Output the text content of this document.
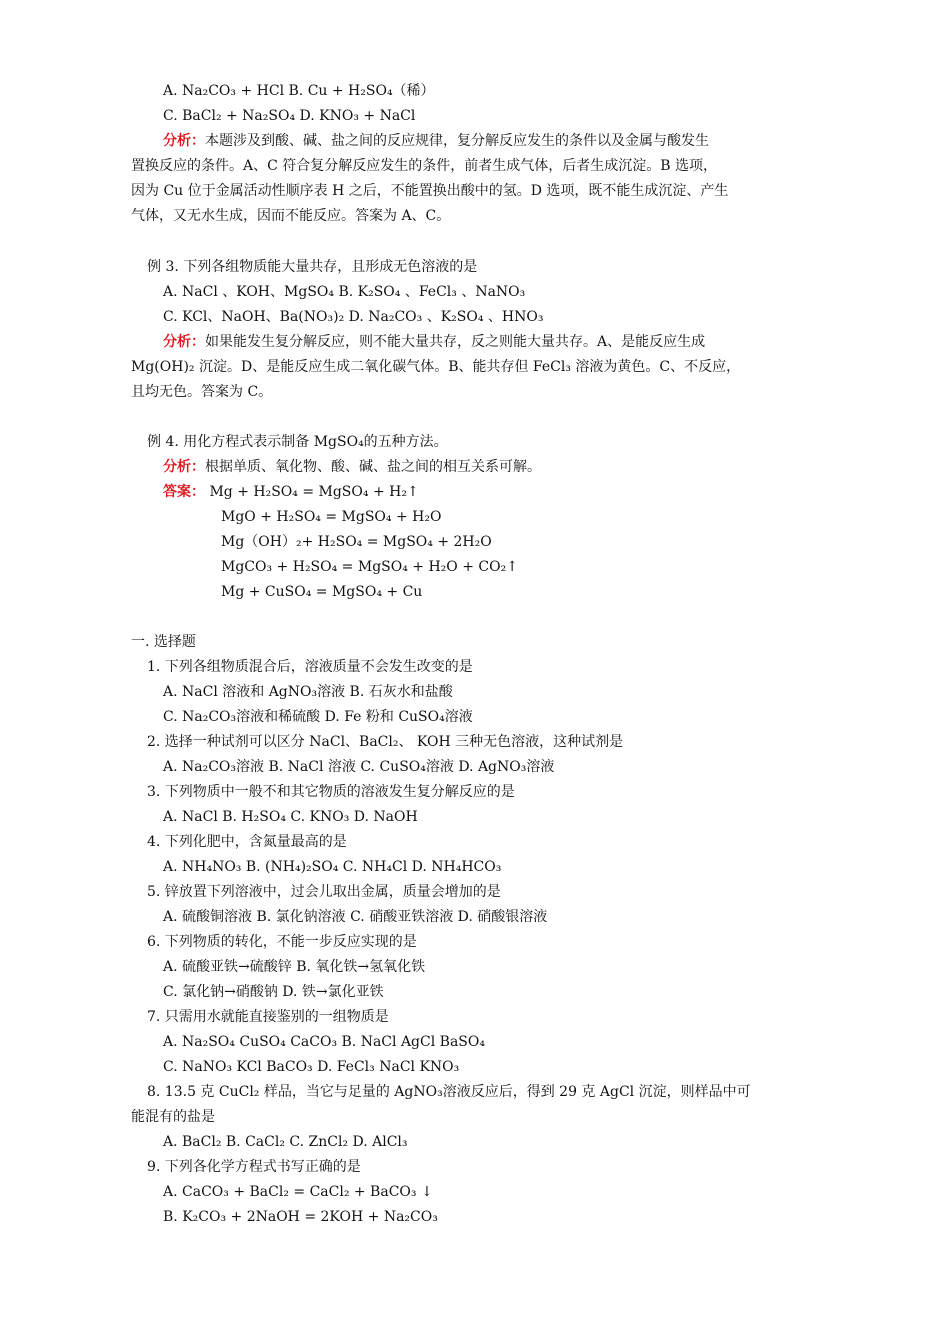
A. Na₂CO₃ + HCl B. Cu + H₂SO₄（稀）
C. BaCl₂ + Na₂SO₄ D. KNO₃ + NaCl
分析：本题涉及到酸、碱、盐之间的反应规律，复分解反应发生的条件以及金属与酸发生
置换反应的条件。A、C 符合复分解反应发生的条件，前者生成气体，后者生成沉淀。B 选项，
因为 Cu 位于金属活动性顺序表 H 之后，不能置换出酸中的氢。D 选项，既不能生成沉淀、产生
气体，又无水生成，因而不能反应。答案为 A、C。
例 3. 下列各组物质能大量共存，且形成无色溶液的是
A. NaCl 、KOH、MgSO₄ B. K₂SO₄ 、FeCl₃ 、NaNO₃
C. KCl、NaOH、Ba(NO₃)₂ D. Na₂CO₃ 、K₂SO₄ 、HNO₃
分析：如果能发生复分解反应，则不能大量共存，反之则能大量共存。A、是能反应生成
Mg(OH)₂ 沉淀。D、是能反应生成二氧化碳气体。B、能共存但 FeCl₃ 溶液为黄色。C、不反应，
且均无色。答案为 C。
例 4. 用化方程式表示制备 MgSO₄的五种方法。
分析：根据单质、氧化物、酸、碱、盐之间的相互关系可解。
答案： Mg + H₂SO₄ = MgSO₄ + H₂↑
MgO + H₂SO₄ = MgSO₄ + H₂O
Mg（OH）₂+ H₂SO₄ = MgSO₄ + 2H₂O
MgCO₃ + H₂SO₄ = MgSO₄ + H₂O + CO₂↑
Mg + CuSO₄ = MgSO₄ + Cu
一. 选择题
1. 下列各组物质混合后，溶液质量不会发生改变的是
A. NaCl 溶液和 AgNO₃溶液 B. 石灰水和盐酸
C. Na₂CO₃溶液和稀硫酸 D. Fe 粉和 CuSO₄溶液
2. 选择一种试剂可以区分 NaCl、BaCl₂、 KOH 三种无色溶液，这种试剂是
A. Na₂CO₃溶液 B. NaCl 溶液 C. CuSO₄溶液 D. AgNO₃溶液
3. 下列物质中一般不和其它物质的溶液发生复分解反应的是
A. NaCl B. H₂SO₄ C. KNO₃ D. NaOH
4. 下列化肥中，含氮量最高的是
A. NH₄NO₃ B. (NH₄)₂SO₄ C. NH₄Cl D. NH₄HCO₃
5. 锌放置下列溶液中，过会儿取出金属，质量会增加的是
A. 硫酸铜溶液 B. 氯化钠溶液 C. 硝酸亚铁溶液 D. 硝酸银溶液
6. 下列物质的转化，不能一步反应实现的是
A. 硫酸亚铁→硫酸锌 B. 氧化铁→氢氧化铁
C. 氯化钠→硝酸钠 D. 铁→氯化亚铁
7. 只需用水就能直接鉴别的一组物质是
A. Na₂SO₄ CuSO₄ CaCO₃ B. NaCl AgCl BaSO₄
C. NaNO₃ KCl BaCO₃ D. FeCl₃ NaCl KNO₃
8. 13.5 克 CuCl₂ 样品，当它与足量的 AgNO₃溶液反应后，得到 29 克 AgCl 沉淀，则样品中可
能混有的盐是
A. BaCl₂ B. CaCl₂ C. ZnCl₂ D. AlCl₃
9. 下列各化学方程式书写正确的是
A. CaCO₃ + BaCl₂ = CaCl₂ + BaCO₃ ↓
B. K₂CO₃ + 2NaOH = 2KOH + Na₂CO₃
